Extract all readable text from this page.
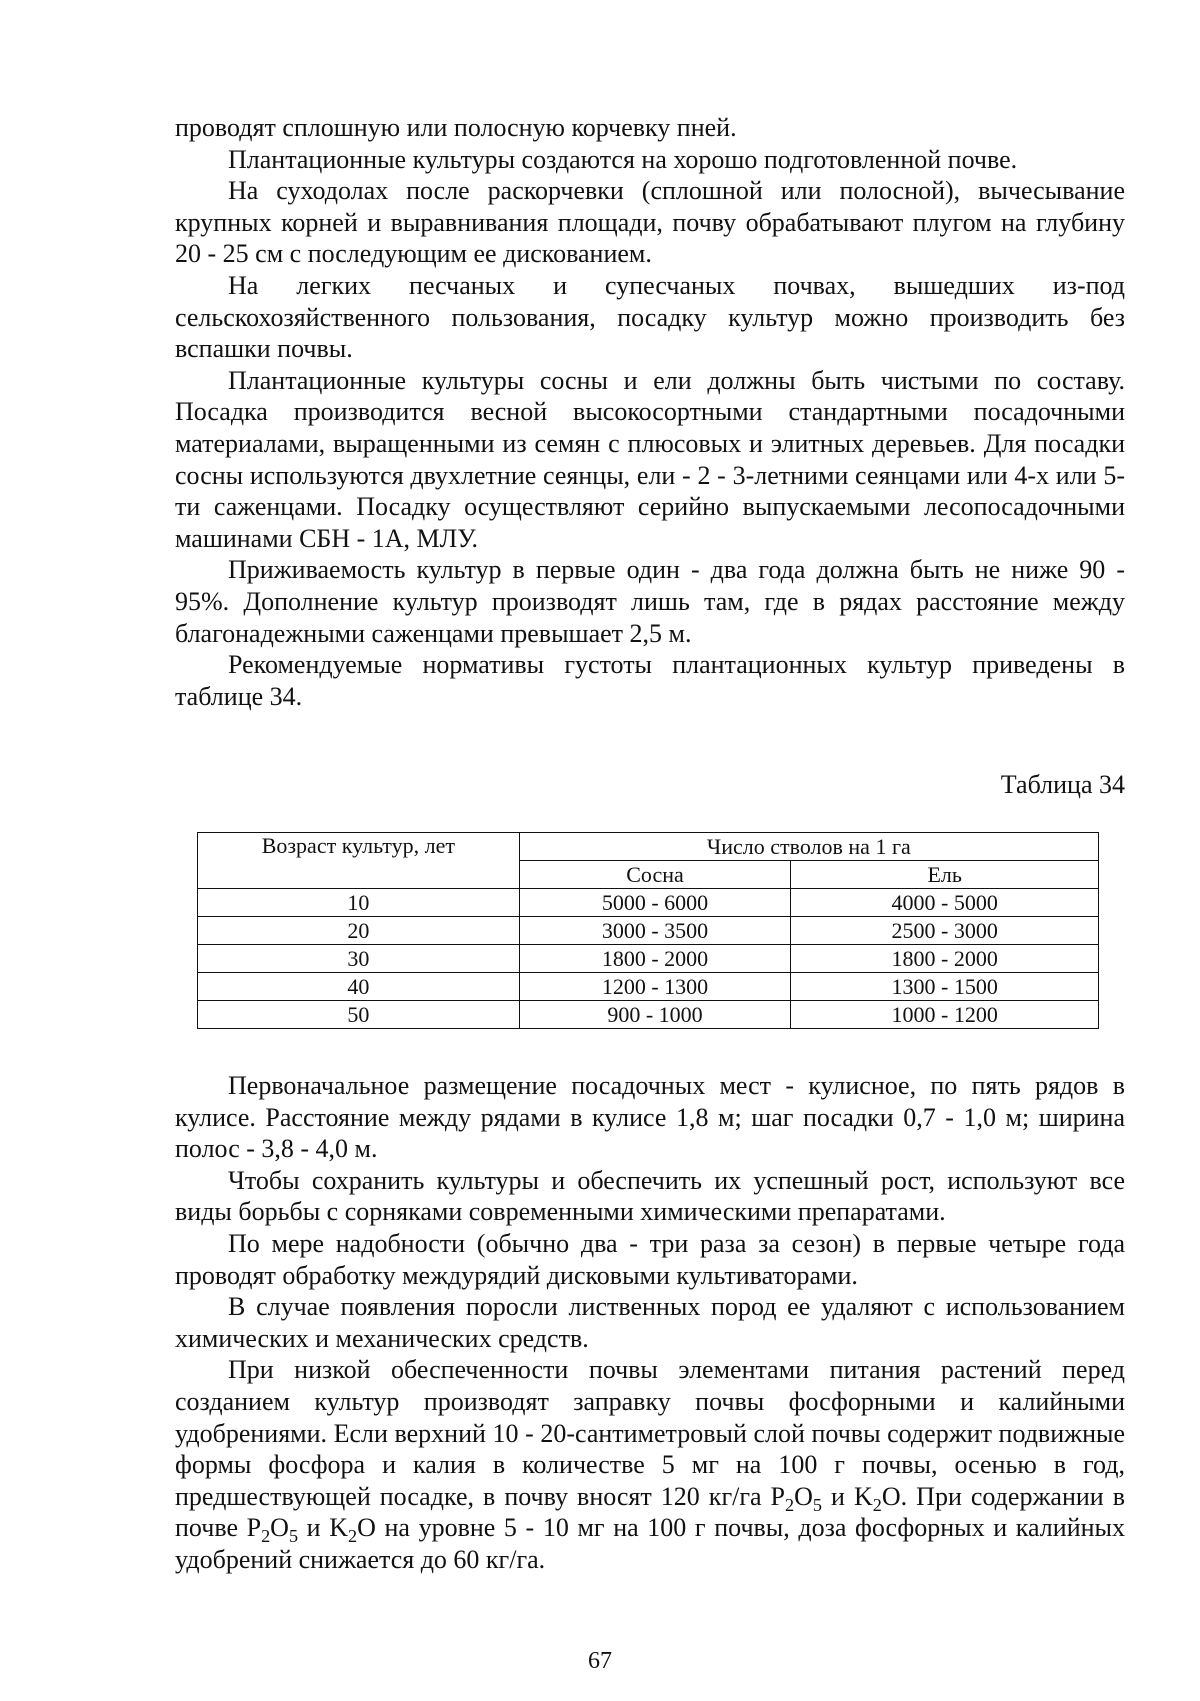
проводят сплошную или полосную корчевку пней.

Плантационные культуры создаются на хорошо подготовленной почве.

На суходолах после раскорчевки (сплошной или полосной), вычесывание крупных корней и выравнивания площади, почву обрабатывают плугом на глубину 20 - 25 см с последующим ее дискованием.

На легких песчаных и супесчаных почвах, вышедших из-под сельскохозяйственного пользования, посадку культур можно производить без вспашки почвы.

Плантационные культуры сосны и ели должны быть чистыми по составу. Посадка производится весной высокосортными стандартными посадочными материалами, выращенными из семян с плюсовых и элитных деревьев. Для посадки сосны используются двухлетние сеянцы, ели - 2 - 3-летними сеянцами или 4-х или 5-ти саженцами. Посадку осуществляют серийно выпускаемыми лесопосадочными машинами СБН - 1А, МЛУ.

Приживаемость культур в первые один - два года должна быть не ниже 90 - 95%. Дополнение культур производят лишь там, где в рядах расстояние между благонадежными саженцами превышает 2,5 м.

Рекомендуемые нормативы густоты плантационных культур приведены в таблице 34.

Таблица 34
Возраст культур, лет	Число стволов на 1 га	
	Сосна	Ель
10	5000 - 6000	4000 - 5000
20	3000 - 3500	2500 - 3000
30	1800 - 2000	1800 - 2000
40	1200 - 1300	1300 - 1500
50	900 - 1000	1000 - 1200

Первоначальное размещение посадочных мест - кулисное, по пять рядов в кулисе. Расстояние между рядами в кулисе 1,8 м; шаг посадки 0,7 - 1,0 м; ширина полос - 3,8 - 4,0 м.

Чтобы сохранить культуры и обеспечить их успешный рост, используют все виды борьбы с сорняками современными химическими препаратами.

По мере надобности (обычно два - три раза за сезон) в первые четыре года проводят обработку междурядий дисковыми культиваторами.

В случае появления поросли лиственных пород ее удаляют с использованием химических и механических средств.

При низкой обеспеченности почвы элементами питания растений перед созданием культур производят заправку почвы фосфорными и калийными удобрениями. Если верхний 10 - 20-сантиметровый слой почвы содержит подвижные формы фосфора и калия в количестве 5 мг на 100 г почвы, осенью в год, предшествующей посадке, в почву вносят 120 кг/га $P_2O_5$ и $K_2O$. При содержании в почве $P_2O_5$ и $K_2O$ на уровне 5 - 10 мг на 100 г почвы, доза фосфорных и калийных удобрений снижается до 60 кг/га.

67
